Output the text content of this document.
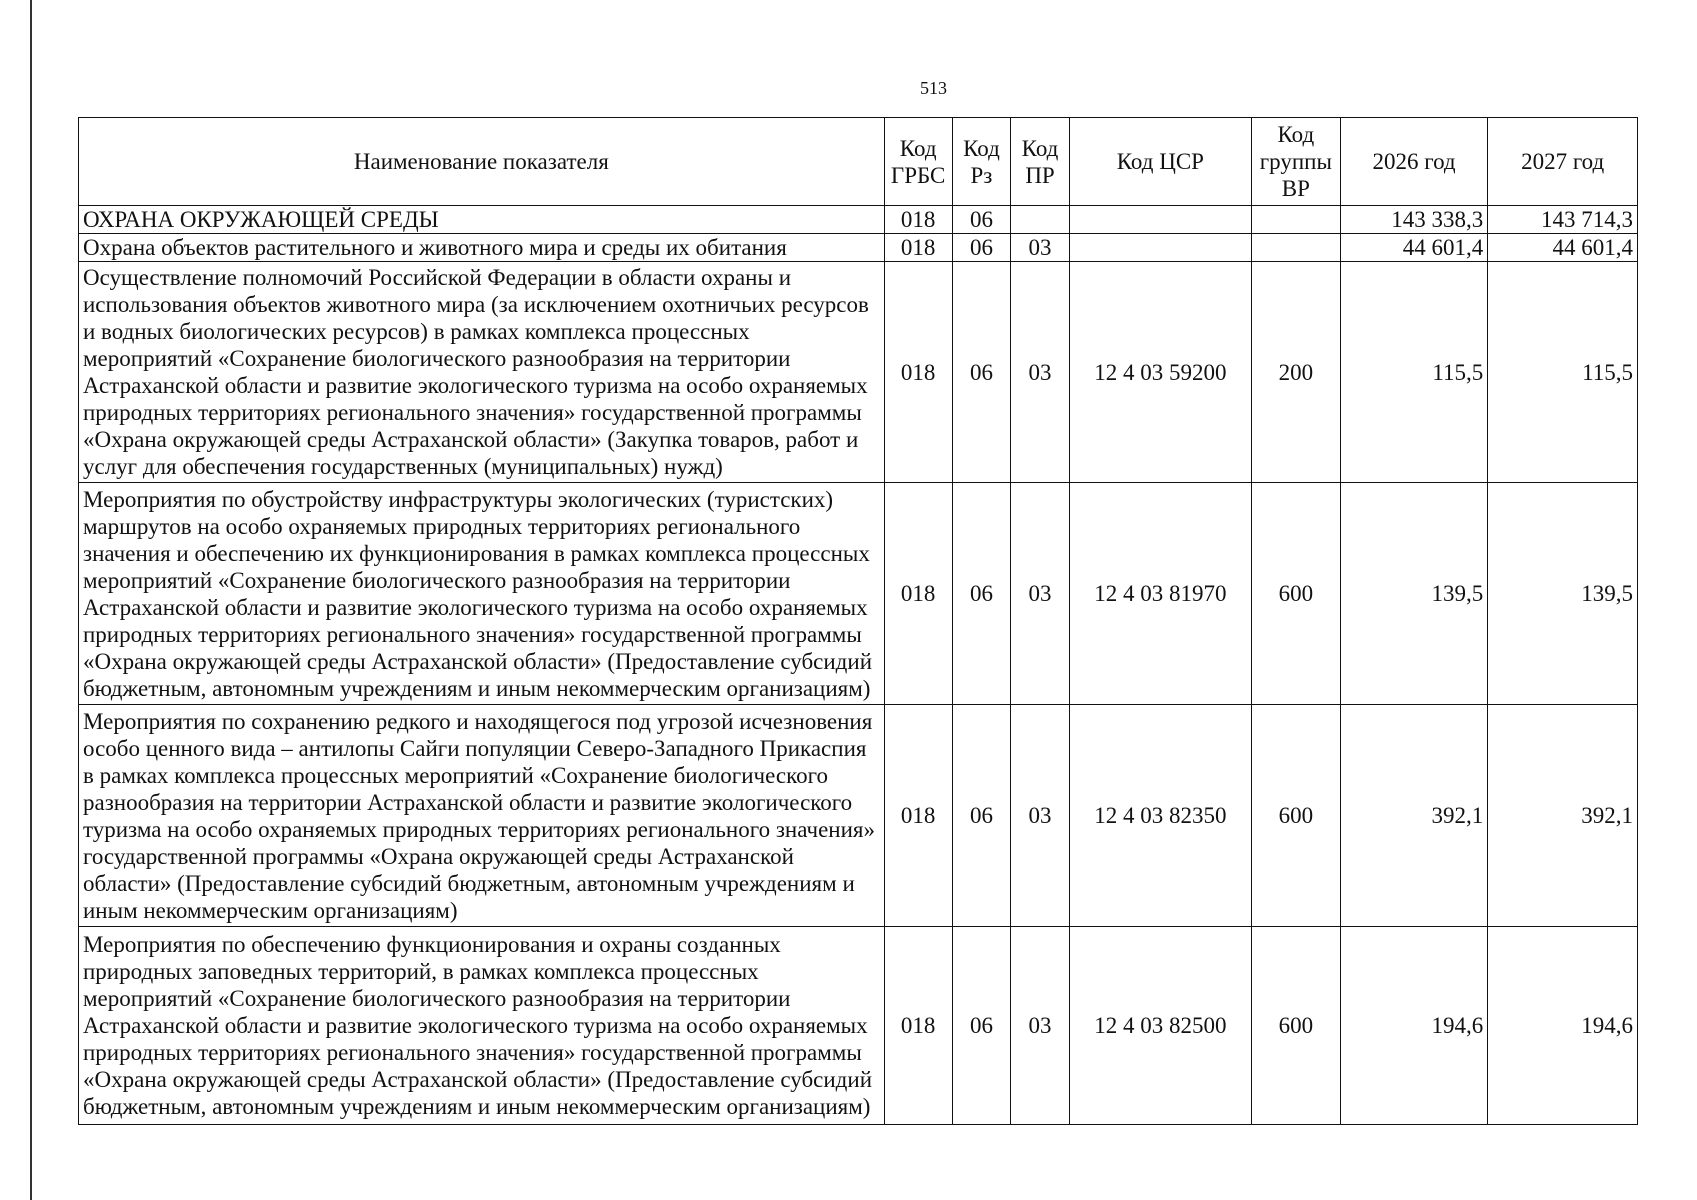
513
Наименование показателя	Код ГРБС	Код Рз	Код ПР	Код ЦСР	Код группы ВР	2026 год	2027 год
ОХРАНА ОКРУЖАЮЩЕЙ СРЕДЫ	018	06				143 338,3	143 714,3
Охрана объектов растительного и животного мира и среды их обитания	018	06	03			44 601,4	44 601,4
Осуществление полномочий Российской Федерации в области охраны и использования объектов животного мира (за исключением охотничьих ресурсов и водных биологических ресурсов) в рамках комплекса процессных мероприятий «Сохранение биологического разнообразия на территории Астраханской области и развитие экологического туризма на особо охраняемых природных территориях регионального значения» государственной программы «Охрана окружающей среды Астраханской области» (Закупка товаров, работ и услуг для обеспечения государственных (муниципальных) нужд)	018	06	03	12 4 03 59200	200	115,5	115,5
Мероприятия по обустройству инфраструктуры экологических (туристских) маршрутов на особо охраняемых природных территориях регионального значения и обеспечению их функционирования в рамках комплекса процессных мероприятий «Сохранение биологического разнообразия на территории Астраханской области и развитие экологического туризма на особо охраняемых природных территориях регионального значения» государственной программы «Охрана окружающей среды Астраханской области» (Предоставление субсидий бюджетным, автономным учреждениям и иным некоммерческим организациям)	018	06	03	12 4 03 81970	600	139,5	139,5
Мероприятия по сохранению редкого и находящегося под угрозой исчезновения особо ценного вида – антилопы Сайги популяции Северо-Западного Прикаспия в рамках комплекса процессных мероприятий «Сохранение биологического разнообразия на территории Астраханской области и развитие экологического туризма на особо охраняемых природных территориях регионального значения» государственной программы «Охрана окружающей среды Астраханской области» (Предоставление субсидий бюджетным, автономным учреждениям и иным некоммерческим организациям)	018	06	03	12 4 03 82350	600	392,1	392,1
Мероприятия по обеспечению функционирования и охраны созданных природных заповедных территорий, в рамках комплекса процессных мероприятий «Сохранение биологического разнообразия на территории Астраханской области и развитие экологического туризма на особо охраняемых природных территориях регионального значения» государственной программы «Охрана окружающей среды Астраханской области» (Предоставление субсидий бюджетным, автономным учреждениям и иным некоммерческим организациям)	018	06	03	12 4 03 82500	600	194,6	194,6
